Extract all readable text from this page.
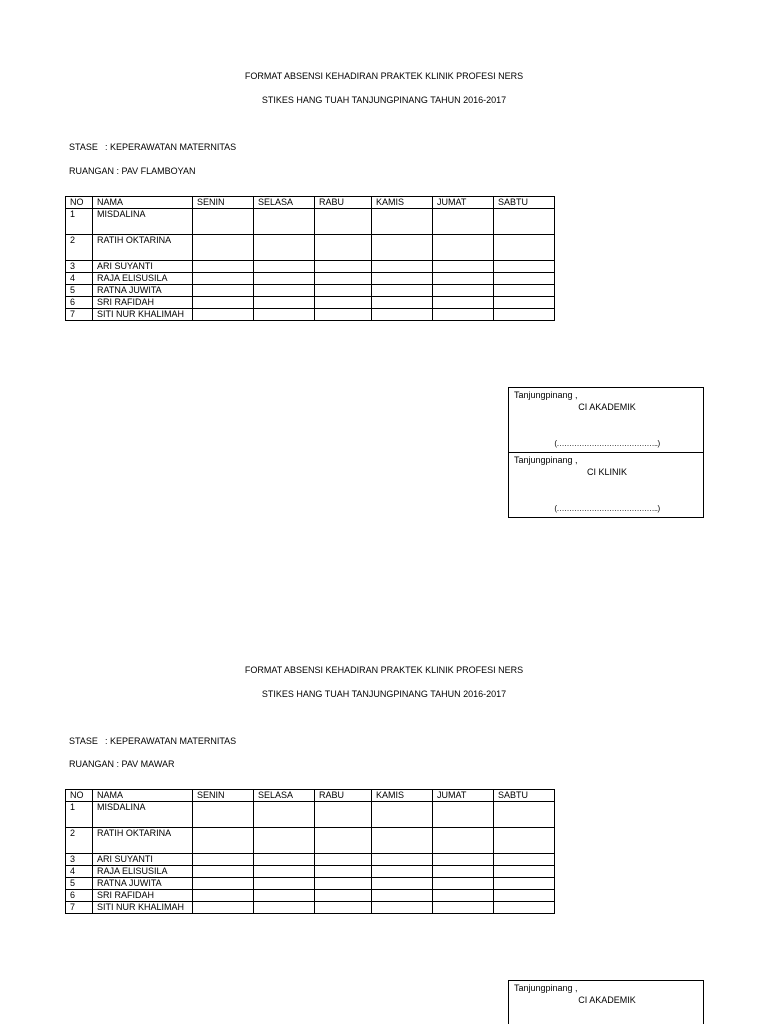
FORMAT ABSENSI KEHADIRAN PRAKTEK KLINIK PROFESI NERS
STIKES HANG TUAH TANJUNGPINANG TAHUN 2016-2017
STASE : KEPERAWATAN MATERNITAS
RUANGAN : PAV FLAMBOYAN
NO	NAMA	SENIN	SELASA	RABU	KAMIS	JUMAT	SABTU
1	MISDALINA						
2	RATIH OKTARINA						
3	ARI SUYANTI						
4	RAJA ELISUSILA						
5	RATNA JUWITA						
6	SRI RAFIDAH						
7	SITI NUR KHALIMAH						
Tanjungpinang ,
CI AKADEMIK
(…………………………………..)
Tanjungpinang ,
CI KLINIK
(…………………………………..)
FORMAT ABSENSI KEHADIRAN PRAKTEK KLINIK PROFESI NERS
STIKES HANG TUAH TANJUNGPINANG TAHUN 2016-2017
STASE : KEPERAWATAN MATERNITAS
RUANGAN : PAV MAWAR
NO	NAMA	SENIN	SELASA	RABU	KAMIS	JUMAT	SABTU
1	MISDALINA						
2	RATIH OKTARINA						
3	ARI SUYANTI						
4	RAJA ELISUSILA						
5	RATNA JUWITA						
6	SRI RAFIDAH						
7	SITI NUR KHALIMAH						
Tanjungpinang ,
CI AKADEMIK
